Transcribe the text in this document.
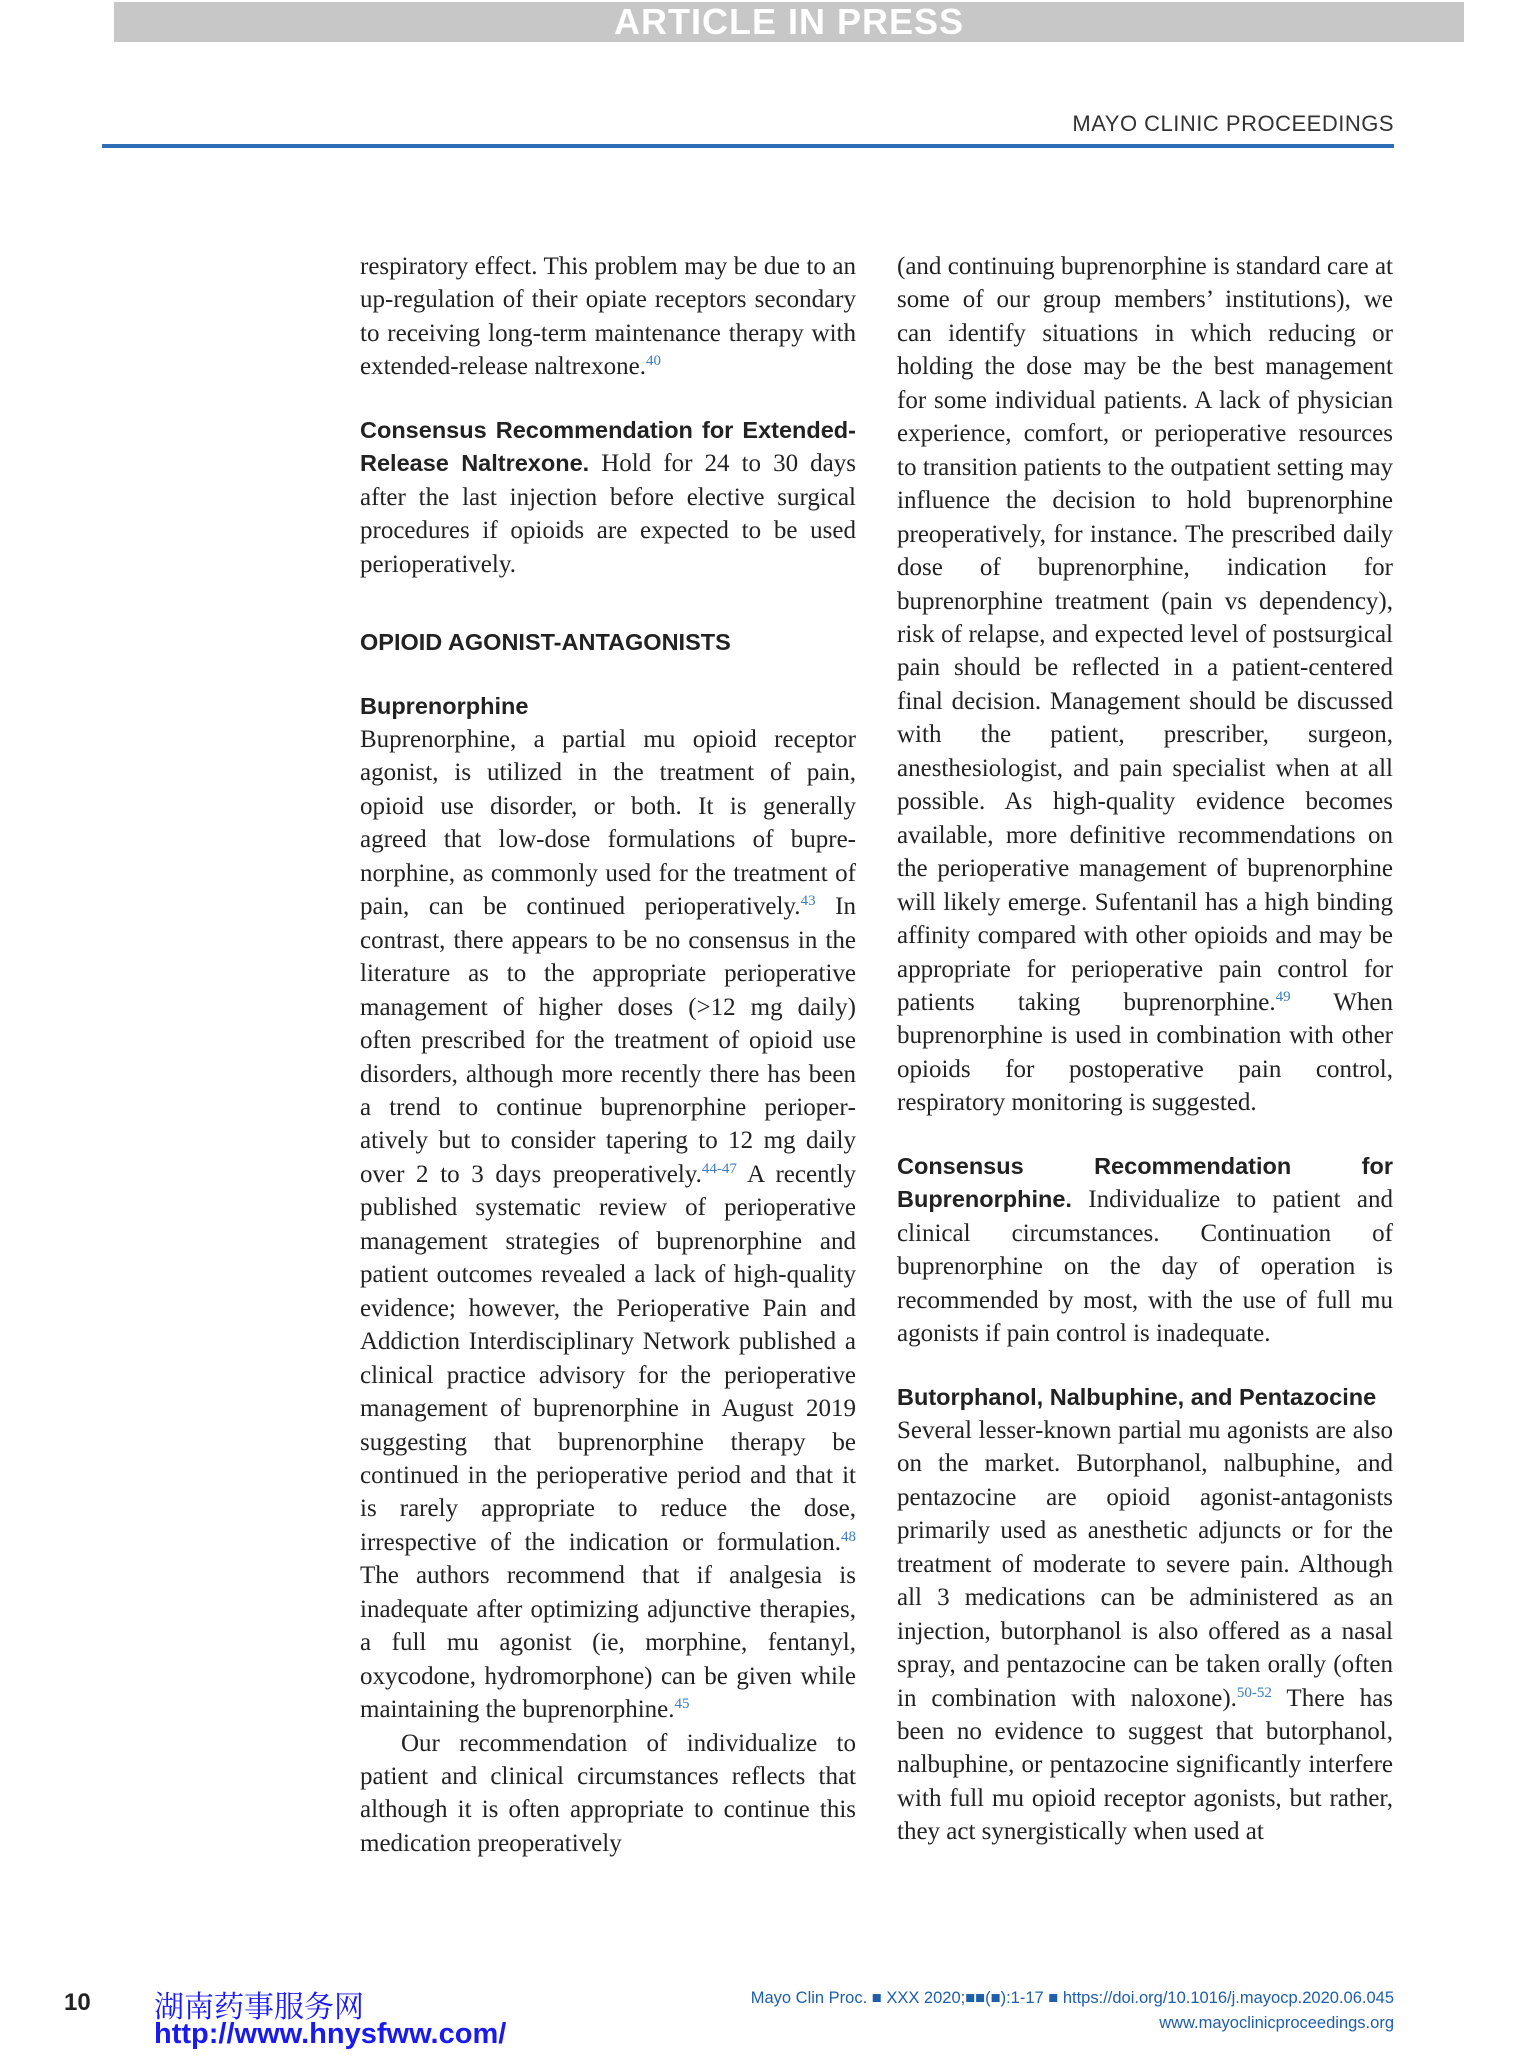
ARTICLE IN PRESS
MAYO CLINIC PROCEEDINGS

respiratory effect. This problem may be due to an up-regulation of their opiate receptors secondary to receiving long-term maintenance therapy with extended-release naltrexone.$^{40}$

Consensus Recommendation for Extended-Release Naltrexone. Hold for 24 to 30 days after the last injection before elective surgical procedures if opioids are expected to be used perioperatively.

OPIOID AGONIST-ANTAGONISTS

Buprenorphine

Buprenorphine, a partial mu opioid receptor agonist, is utilized in the treatment of pain, opioid use disorder, or both. It is generally agreed that low-dose formulations of buprenorphine, as commonly used for the treatment of pain, can be continued perioperatively.$^{43}$ In contrast, there appears to be no consensus in the literature as to the appropriate perioperative management of higher doses (>12 mg daily) often prescribed for the treatment of opioid use disorders, although more recently there has been a trend to continue buprenorphine perioperatively but to consider tapering to 12 mg daily over 2 to 3 days preoperatively.$^{44-47}$ A recently published systematic review of perioperative management strategies of buprenorphine and patient outcomes revealed a lack of high-quality evidence; however, the Perioperative Pain and Addiction Interdisciplinary Network published a clinical practice advisory for the perioperative management of buprenorphine in August 2019 suggesting that buprenorphine therapy be continued in the perioperative period and that it is rarely appropriate to reduce the dose, irrespective of the indication or formulation.$^{48}$ The authors recommend that if analgesia is inadequate after optimizing adjunctive therapies, a full mu agonist (ie, morphine, fentanyl, oxycodone, hydromorphone) can be given while maintaining the buprenorphine.$^{45}$

Our recommendation of individualize to patient and clinical circumstances reflects that although it is often appropriate to continue this medication preoperatively

(and continuing buprenorphine is standard care at some of our group members’ institutions), we can identify situations in which reducing or holding the dose may be the best management for some individual patients. A lack of physician experience, comfort, or perioperative resources to transition patients to the outpatient setting may influence the decision to hold buprenorphine preoperatively, for instance. The prescribed daily dose of buprenorphine, indication for buprenorphine treatment (pain vs dependency), risk of relapse, and expected level of postsurgical pain should be reflected in a patient-centered final decision. Management should be discussed with the patient, prescriber, surgeon, anesthesiologist, and pain specialist when at all possible. As high-quality evidence becomes available, more definitive recommendations on the perioperative management of buprenorphine will likely emerge. Sufentanil has a high binding affinity compared with other opioids and may be appropriate for perioperative pain control for patients taking buprenorphine.$^{49}$ When buprenorphine is used in combination with other opioids for postoperative pain control, respiratory monitoring is suggested.

Consensus Recommendation for Buprenorphine. Individualize to patient and clinical circumstances. Continuation of buprenorphine on the day of operation is recommended by most, with the use of full mu agonists if pain control is inadequate.

Butorphanol, Nalbuphine, and Pentazocine

Several lesser-known partial mu agonists are also on the market. Butorphanol, nalbuphine, and pentazocine are opioid agonist-antagonists primarily used as anesthetic adjuncts or for the treatment of moderate to severe pain. Although all 3 medications can be administered as an injection, butorphanol is also offered as a nasal spray, and pentazocine can be taken orally (often in combination with naloxone).$^{50-52}$ There has been no evidence to suggest that butorphanol, nalbuphine, or pentazocine significantly interfere with full mu opioid receptor agonists, but rather, they act synergistically when used at

10 湖南药事服务网
http://www.hnysfww.com/
Mayo Clin Proc. ■ XXX 2020;■■(■):1-17 ■ https://doi.org/10.1016/j.mayocp.2020.06.045
www.mayoclinicproceedings.org
